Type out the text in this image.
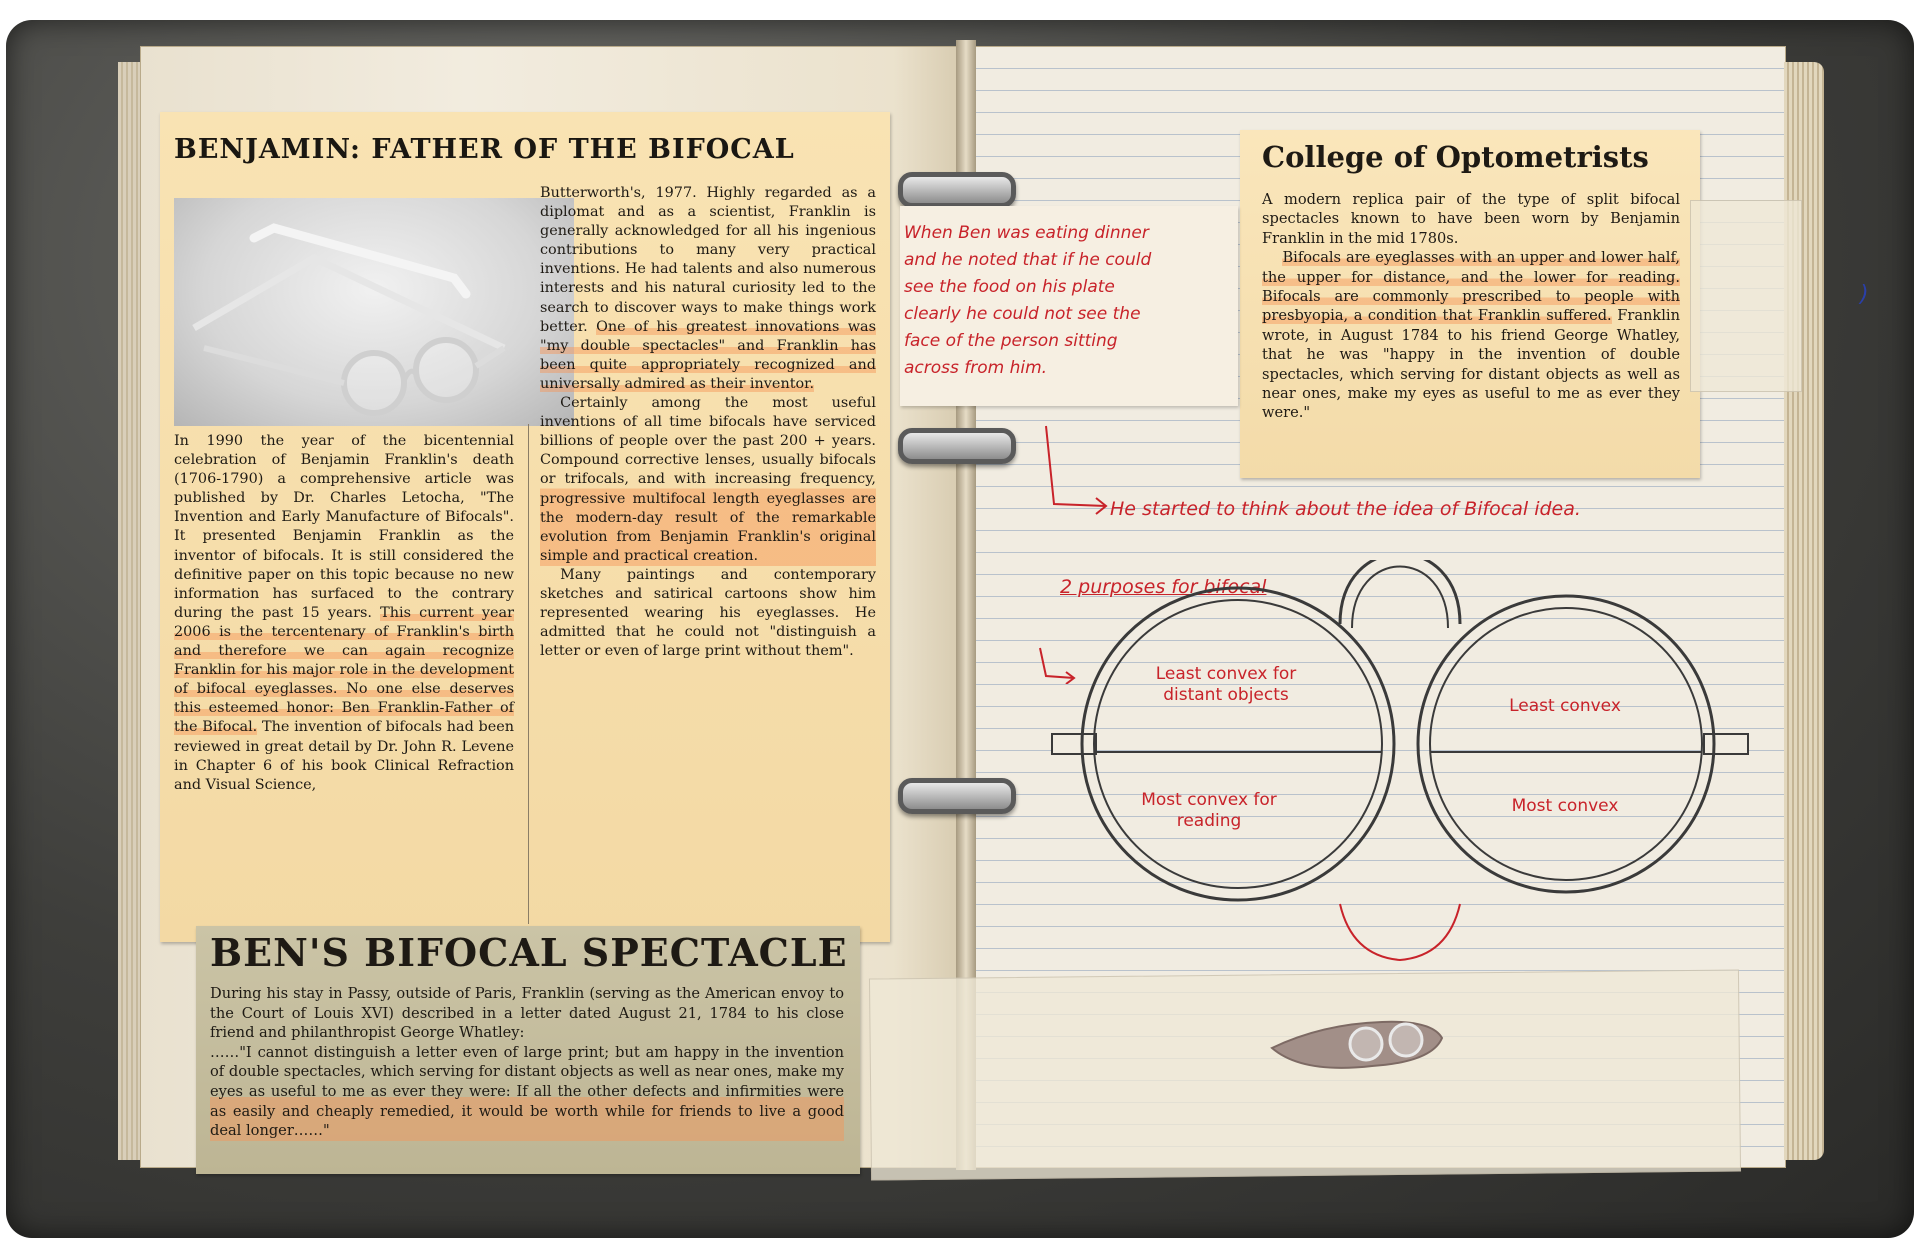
BENJAMIN: FATHER OF THE BIFOCAL

In 1990 the year of the bicentennial celebration of Benjamin Franklin's death (1706-1790) a comprehensive article was published by Dr. Charles Letocha, "The Invention and Early Manufacture of Bifocals". It presented Benjamin Franklin as the inventor of bifocals. It is still considered the definitive paper on this topic because no new information has surfaced to the contrary during the past 15 years. This current year 2006 is the tercentenary of Franklin's birth and therefore we can again recognize Franklin for his major role in the development of bifocal eyeglasses. No one else deserves this esteemed honor: Ben Franklin-Father of the Bifocal. The invention of bifocals had been reviewed in great detail by Dr. John R. Levene in Chapter 6 of his book Clinical Refraction and Visual Science,

Butterworth's, 1977. Highly regarded as a diplomat and as a scientist, Franklin is generally acknowledged for all his ingenious contributions to many very practical inventions. He had talents and also numerous interests and his natural curiosity led to the search to discover ways to make things work better. One of his greatest innovations was "my double spectacles" and Franklin has been quite appropriately recognized and universally admired as their inventor.

Certainly among the most useful inventions of all time bifocals have serviced billions of people over the past 200 + years. Compound corrective lenses, usually bifocals or trifocals, and with increasing frequency, progressive multifocal length eyeglasses are the modern-day result of the remarkable evolution from Benjamin Franklin's original simple and practical creation.

Many paintings and contemporary sketches and satirical cartoons show him represented wearing his eyeglasses. He admitted that he could not "distinguish a letter or even of large print without them".

College of Optometrists

A modern replica pair of the type of split bifocal spectacles known to have been worn by Benjamin Franklin in the mid 1780s.

Bifocals are eyeglasses with an upper and lower half, the upper for distance, and the lower for reading. Bifocals are commonly prescribed to people with presbyopia, a condition that Franklin suffered. Franklin wrote, in August 1784 to his friend George Whatley, that he was "happy in the invention of double spectacles, which serving for distant objects as well as near ones, make my eyes as useful to me as ever they were."

)
BEN'S BIFOCAL SPECTACLE

During his stay in Passy, outside of Paris, Franklin (serving as the American envoy to the Court of Louis XVI) described in a letter dated August 21, 1784 to his close friend and philanthropist George Whatley:

……"I cannot distinguish a letter even of large print; but am happy in the invention of double spectacles, which serving for distant objects as well as near ones, make my eyes as useful to me as ever they were: If all the other defects and infirmities were as easily and cheaply remedied, it would be worth while for friends to live a good deal longer……"

When Ben was eating dinner
and he noted that if he could
see the food on his plate
clearly he could not see the
face of the person sitting
across from him.

He started to think about the idea of Bifocal idea.

2 purposes for bifocal

Least convex for distant objects
Most convex for reading
Least convex
Most convex
